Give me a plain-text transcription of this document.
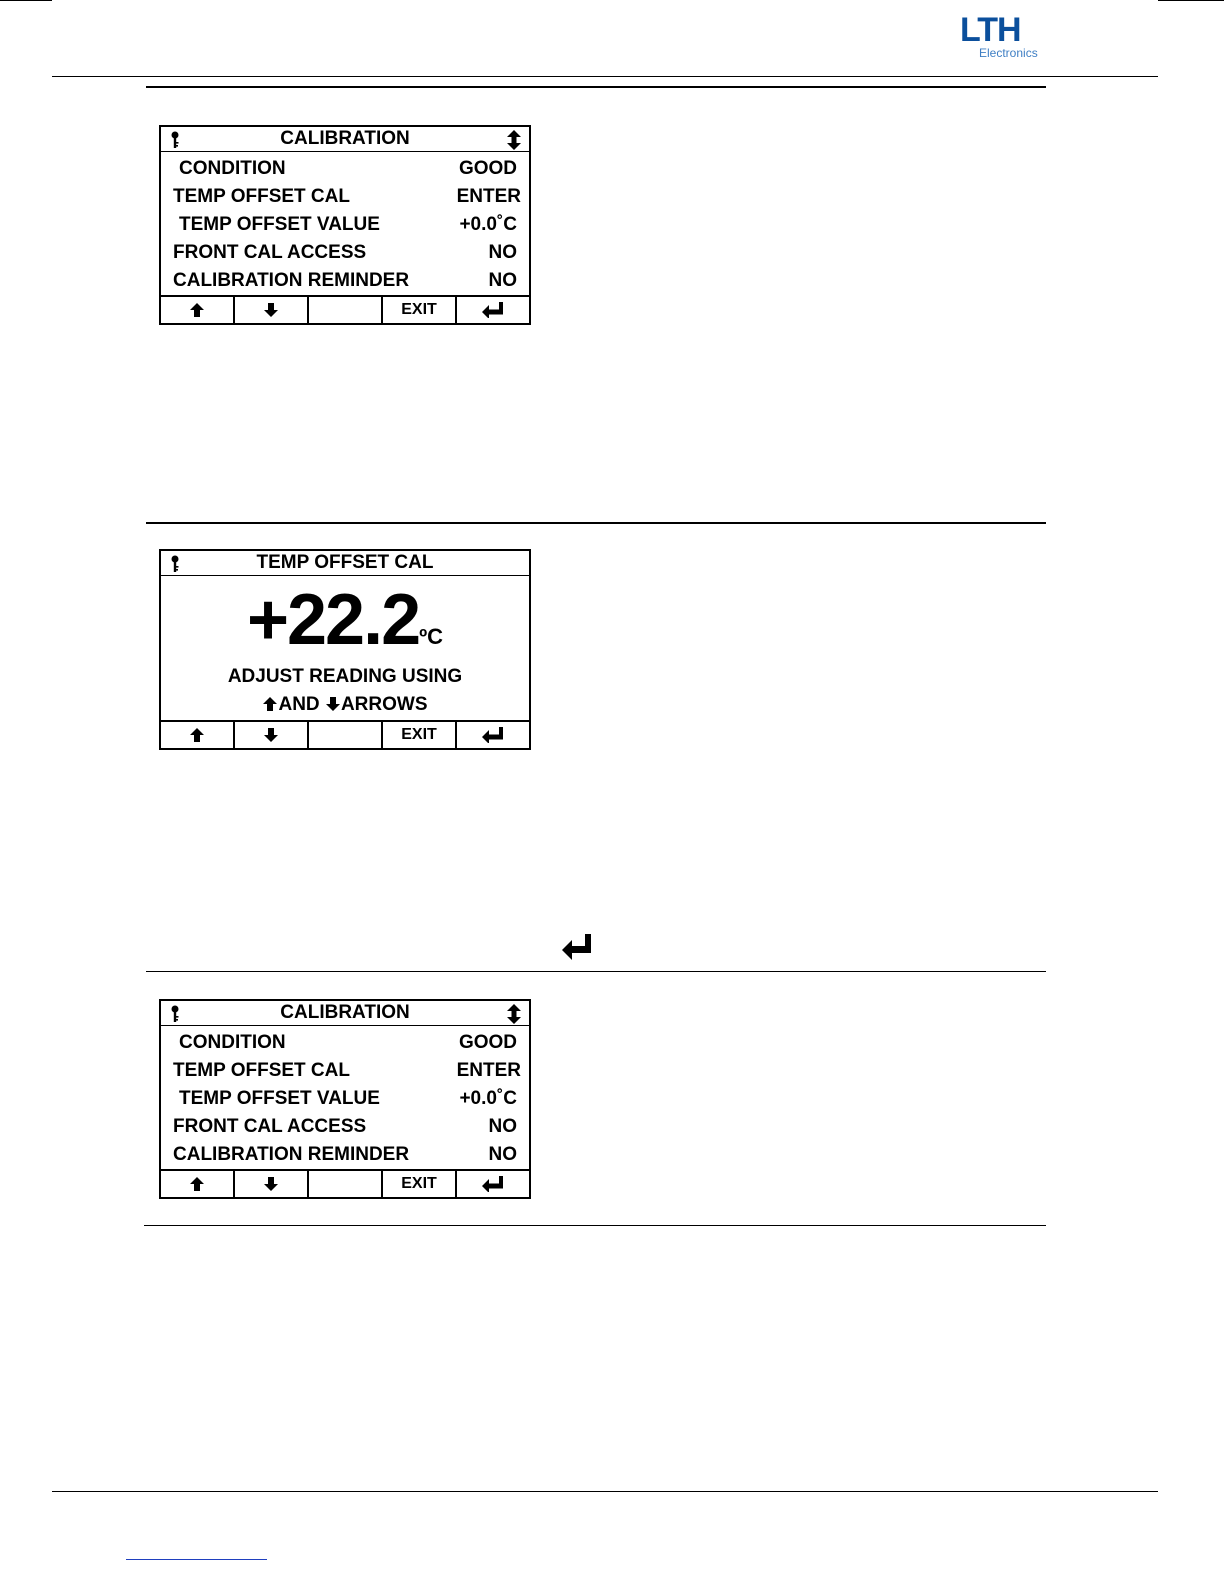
LTH
Electronics
CALIBRATION
CONDITION	GOOD
TEMP OFFSET CAL	ENTER
TEMP OFFSET VALUE	+0.0˚C
FRONT CAL ACCESS	NO
CALIBRATION REMINDER	NO
EXIT
TEMP OFFSET CAL
+22.2ºC
ADJUST READING USING
AND ARROWS
EXIT
CALIBRATION
CONDITION	GOOD
TEMP OFFSET CAL	ENTER
TEMP OFFSET VALUE	+0.0˚C
FRONT CAL ACCESS	NO
CALIBRATION REMINDER	NO
EXIT
